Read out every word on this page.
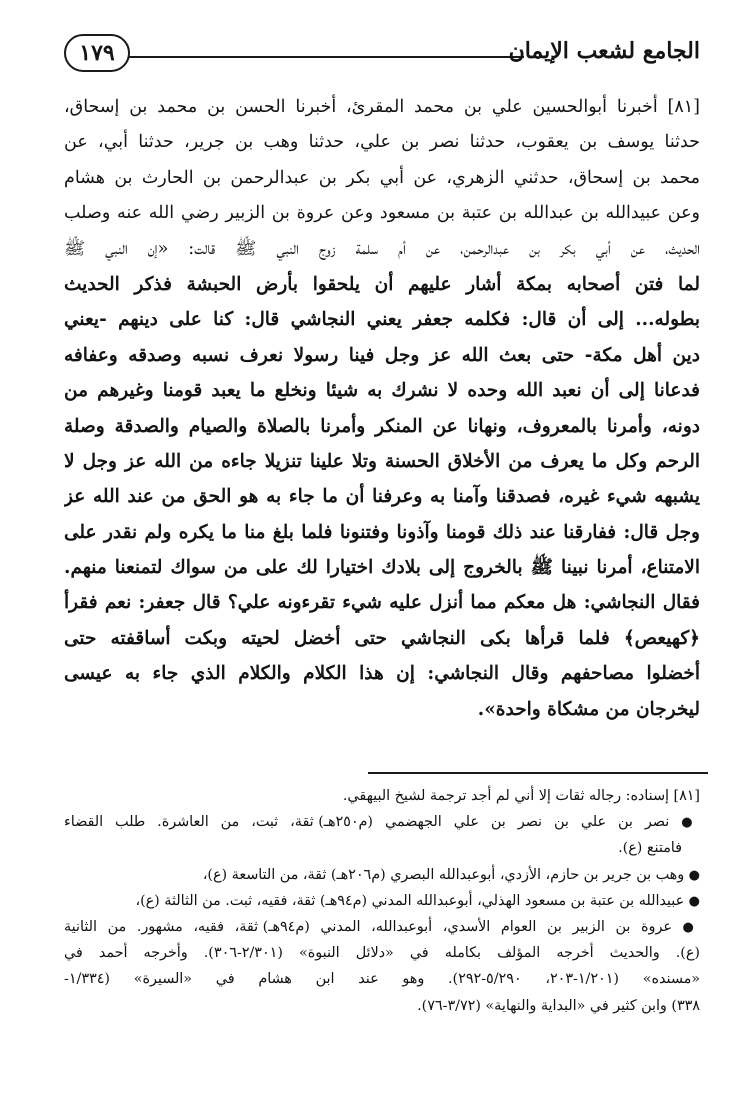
١٧٩	الجامع لشعب الإيمان
[٨١] أخبرنا أبوالحسين علي بن محمد المقرئ، أخبرنا الحسن بن محمد بن إسحاق،
حدثنا يوسف بن يعقوب، حدثنا نصر بن علي، حدثنا وهب بن جرير، حدثنا أبي، عن
محمد بن إسحاق، حدثني الزهري، عن أبي بكر بن عبدالرحمن بن الحارث بن هشام
وعن عبيدالله بن عبدالله بن عتبة بن مسعود وعن عروة بن الزبير رضي الله عنه وصلب
الحديث، عن أبي بكر بن عبدالرحمن، عن أم سلمة زوج النبي ﷺ قالت: «إن النبي ﷺ
لما فتن أصحابه بمكة أشار عليهم أن يلحقوا بأرض الحبشة فذكر الحديث
بطوله... إلى أن قال: فكلمه جعفر يعني النجاشي قال: كنا على دينهم -يعني
دين أهل مكة- حتى بعث الله عز وجل فينا رسولا نعرف نسبه وصدقه وعفافه
فدعانا إلى أن نعبد الله وحده لا نشرك به شيئا ونخلع ما يعبد قومنا وغيرهم من
دونه، وأمرنا بالمعروف، ونهانا عن المنكر وأمرنا بالصلاة والصيام والصدقة وصلة
الرحم وكل ما يعرف من الأخلاق الحسنة وتلا علينا تنزيلا جاءه من الله عز وجل لا
يشبهه شيء غيره، فصدقنا وآمنا به وعرفنا أن ما جاء به هو الحق من عند الله عز
وجل قال: ففارقنا عند ذلك قومنا وآذونا وفتنونا فلما بلغ منا ما يكره ولم نقدر على
الامتناع، أمرنا نبينا ﷺ بالخروج إلى بلادك اختيارا لك على من سواك لتمنعنا منهم.
فقال النجاشي: هل معكم مما أنزل عليه شيء تقرءونه علي؟ قال جعفر: نعم فقرأ
﴿كهيعص﴾ فلما قرأها بكى النجاشي حتى أخضل لحيته وبكت أساقفته حتى
أخضلوا مصاحفهم وقال النجاشي: إن هذا الكلام والكلام الذي جاء به عيسى
ليخرجان من مشكاة واحدة».
[٨١] إسناده: رجاله ثقات إلا أني لم أجد ترجمة لشيخ البيهقي.
● نصر بن علي بن نصر بن علي الجهضمي (م٢٥٠هـ) ثقة، ثبت، من العاشرة. طلب القضاء
فامتنع (ع).
● وهب بن جرير بن حازم، الأزدي، أبوعبدالله البصري (م٢٠٦هـ) ثقة، من التاسعة (ع)،
● عبيدالله بن عتبة بن مسعود الهذلي، أبوعبدالله المدني (م٩٤هـ) ثقة، فقيه، ثبت. من الثالثة (ع)،
● عروة بن الزبير بن العوام الأسدي، أبوعبدالله، المدني (م٩٤هـ) ثقة، فقيه، مشهور. من الثانية
(ع). والحديث أخرجه المؤلف بكامله في «دلائل النبوة» (٢/٣٠١-٣٠٦). وأخرجه أحمد في
«مسنده» (١/٢٠١-٢٠٣، ٥/٢٩٠-٢٩٢). وهو عند ابن هشام في «السيرة» (١/٣٣٤-
٣٣٨) وابن كثير في «البداية والنهاية» (٣/٧٢-٧٦).
